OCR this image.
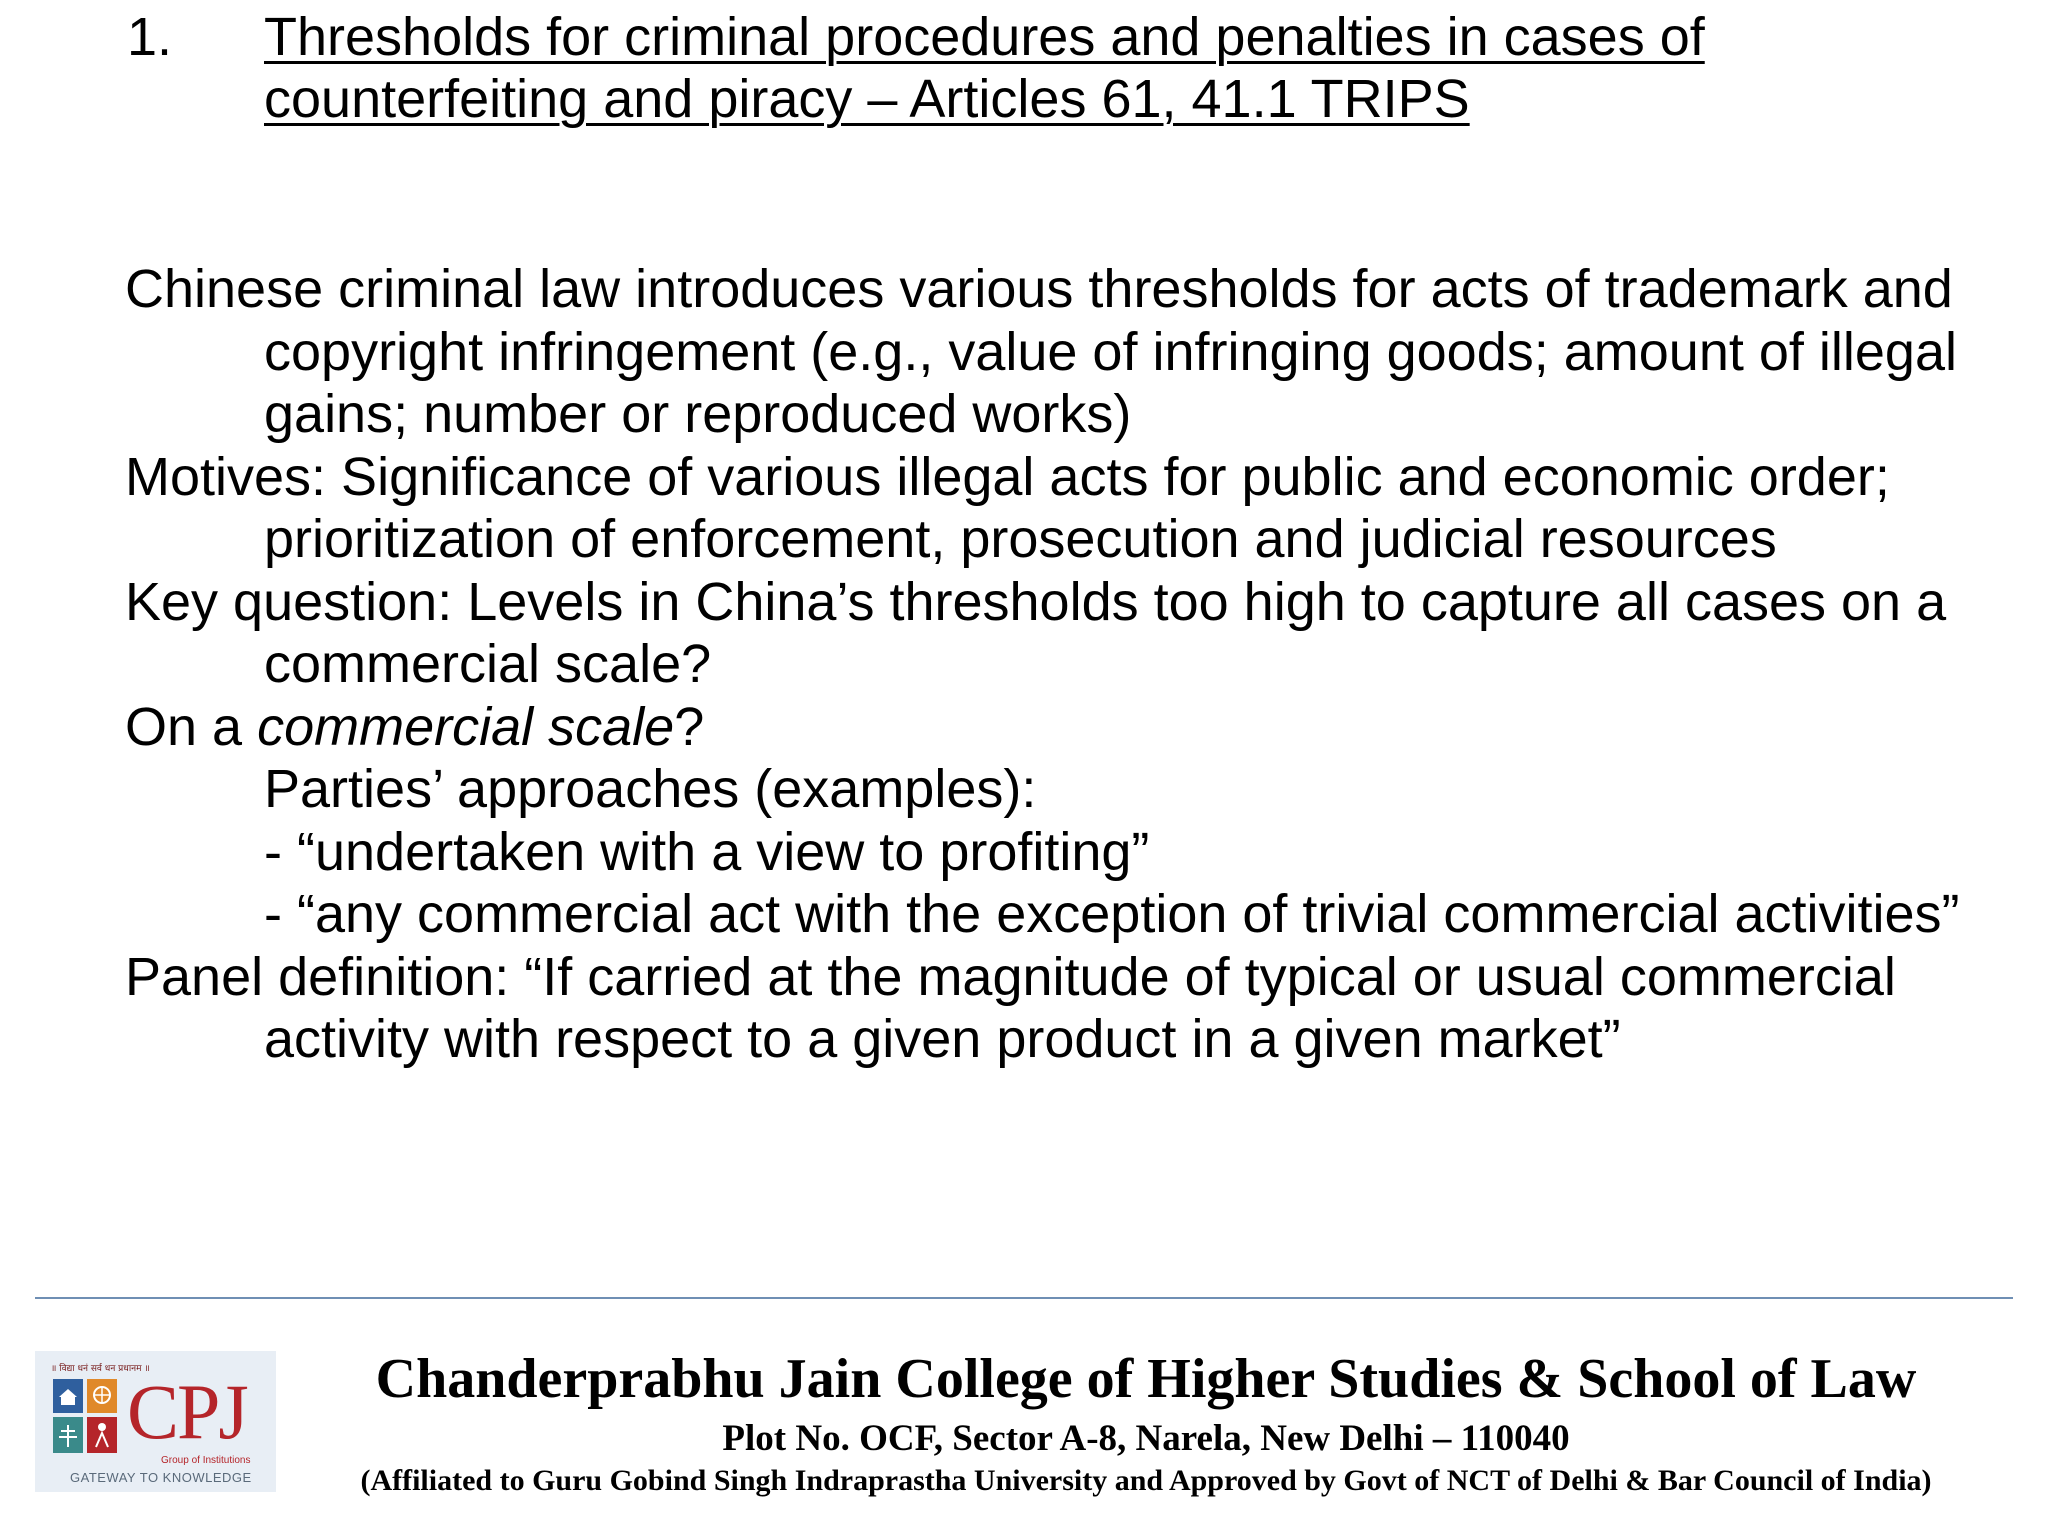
1. Thresholds for criminal procedures and penalties in cases of counterfeiting and piracy – Articles 61, 41.1 TRIPS

Chinese criminal law introduces various thresholds for acts of trademark and copyright infringement (e.g., value of infringing goods; amount of illegal gains; number or reproduced works)

Motives: Significance of various illegal acts for public and economic order; prioritization of enforcement, prosecution and judicial resources

Key question: Levels in China’s thresholds too high to capture all cases on a commercial scale?

On a commercial scale?

Parties’ approaches (examples):

- “undertaken with a view to profiting”

- “any commercial act with the exception of trivial commercial activities”

Panel definition: “If carried at the magnitude of typical or usual commercial activity with respect to a given product in a given market”

॥ विद्या धनं सर्व धन प्रधानम ॥
CPJ
Group of Institutions
GATEWAY TO KNOWLEDGE
Chanderprabhu Jain College of Higher Studies & School of Law
Plot No. OCF, Sector A-8, Narela, New Delhi – 110040
(Affiliated to Guru Gobind Singh Indraprastha University and Approved by Govt of NCT of Delhi & Bar Council of India)
